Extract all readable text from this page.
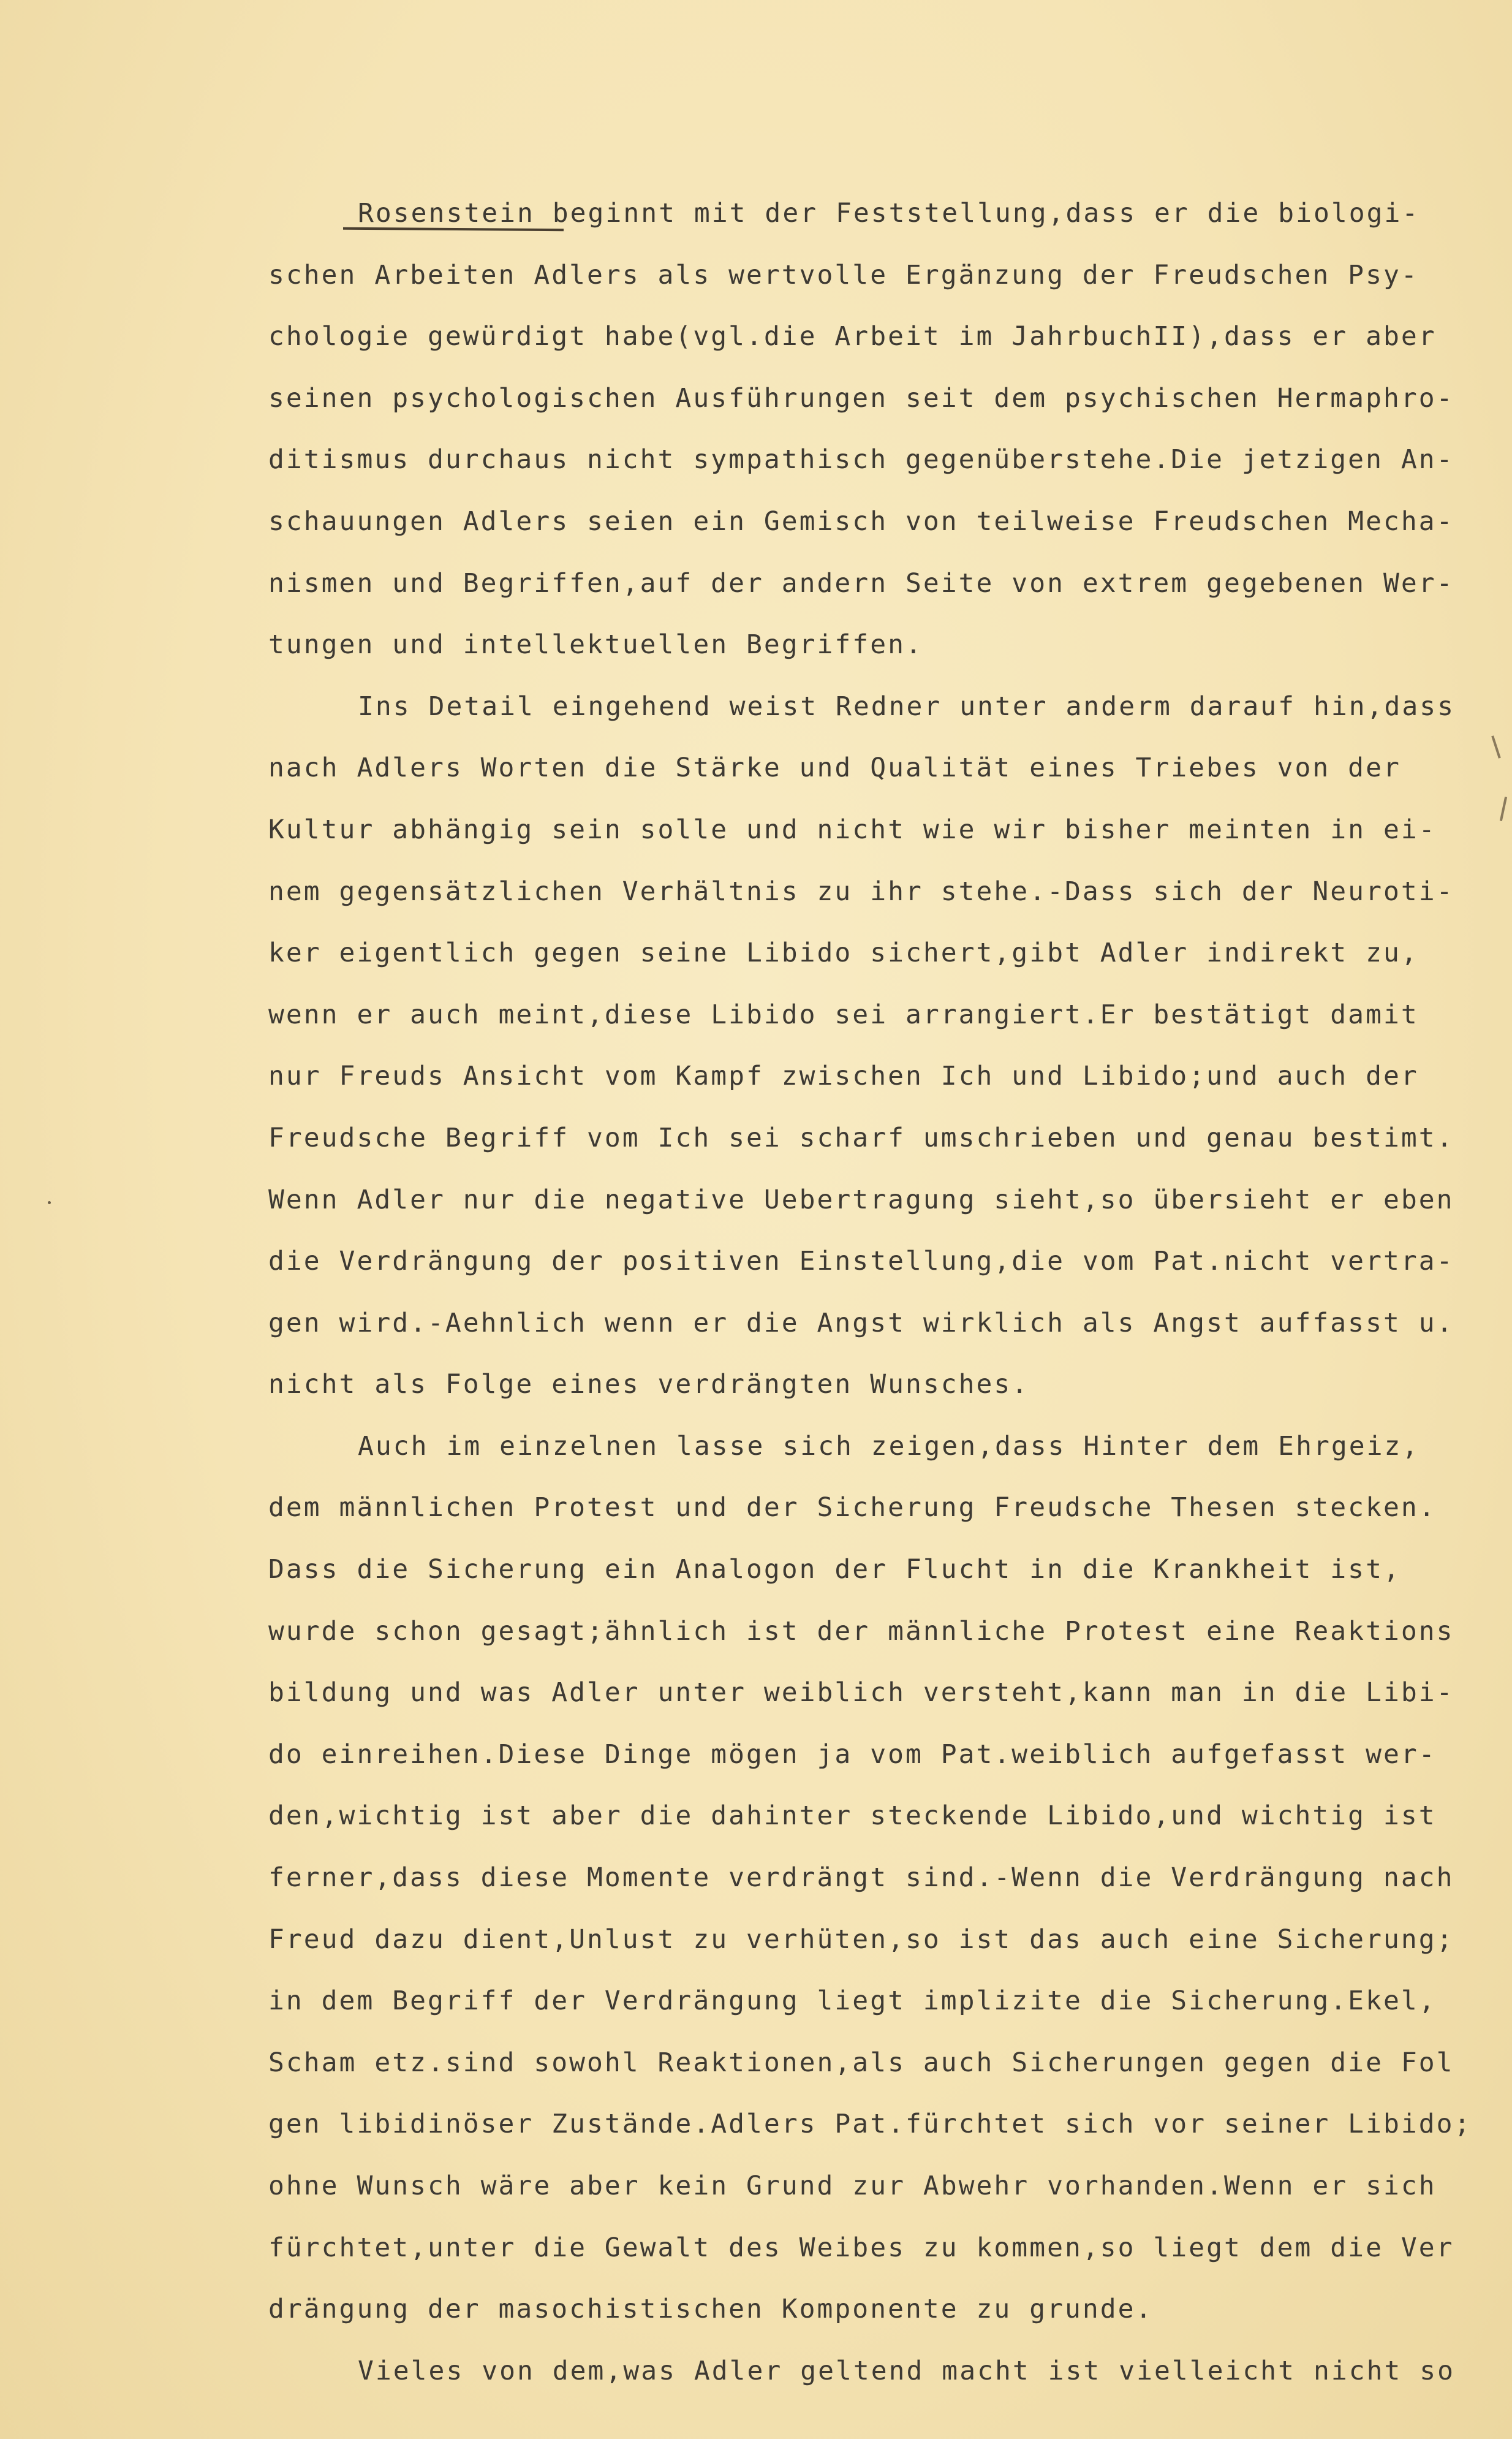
Rosenstein beginnt mit der Feststellung,dass er die biologi-
schen Arbeiten Adlers als wertvolle Ergänzung der Freudschen Psy-
chologie gewürdigt habe(vgl.die Arbeit im JahrbuchII),dass er aber
seinen psychologischen Ausführungen seit dem psychischen Hermaphro-
ditismus durchaus nicht sympathisch gegenüberstehe.Die jetzigen An-
schauungen Adlers seien ein Gemisch von teilweise Freudschen Mecha-
nismen und Begriffen,auf der andern Seite von extrem gegebenen Wer-
tungen und intellektuellen Begriffen.
Ins Detail eingehend weist Redner unter anderm darauf hin,dass
nach Adlers Worten die Stärke und Qualität eines Triebes von der
Kultur abhängig sein solle und nicht wie wir bisher meinten in ei-
nem gegensätzlichen Verhältnis zu ihr stehe.-Dass sich der Neuroti-
ker eigentlich gegen seine Libido sichert,gibt Adler indirekt zu,
wenn er auch meint,diese Libido sei arrangiert.Er bestätigt damit
nur Freuds Ansicht vom Kampf zwischen Ich und Libido;und auch der
Freudsche Begriff vom Ich sei scharf umschrieben und genau bestimt.
Wenn Adler nur die negative Uebertragung sieht,so übersieht er eben
die Verdrängung der positiven Einstellung,die vom Pat.nicht vertra-
gen wird.-Aehnlich wenn er die Angst wirklich als Angst auffasst u.
nicht als Folge eines verdrängten Wunsches.
Auch im einzelnen lasse sich zeigen,dass Hinter dem Ehrgeiz,
dem männlichen Protest und der Sicherung Freudsche Thesen stecken.
Dass die Sicherung ein Analogon der Flucht in die Krankheit ist,
wurde schon gesagt;ähnlich ist der männliche Protest eine Reaktions
bildung und was Adler unter weiblich versteht,kann man in die Libi-
do einreihen.Diese Dinge mögen ja vom Pat.weiblich aufgefasst wer-
den,wichtig ist aber die dahinter steckende Libido,und wichtig ist
ferner,dass diese Momente verdrängt sind.-Wenn die Verdrängung nach
Freud dazu dient,Unlust zu verhüten,so ist das auch eine Sicherung;
in dem Begriff der Verdrängung liegt implizite die Sicherung.Ekel,
Scham etz.sind sowohl Reaktionen,als auch Sicherungen gegen die Fol
gen libidinöser Zustände.Adlers Pat.fürchtet sich vor seiner Libido;
ohne Wunsch wäre aber kein Grund zur Abwehr vorhanden.Wenn er sich
fürchtet,unter die Gewalt des Weibes zu kommen,so liegt dem die Ver
drängung der masochistischen Komponente zu grunde.
Vieles von dem,was Adler geltend macht ist vielleicht nicht so
